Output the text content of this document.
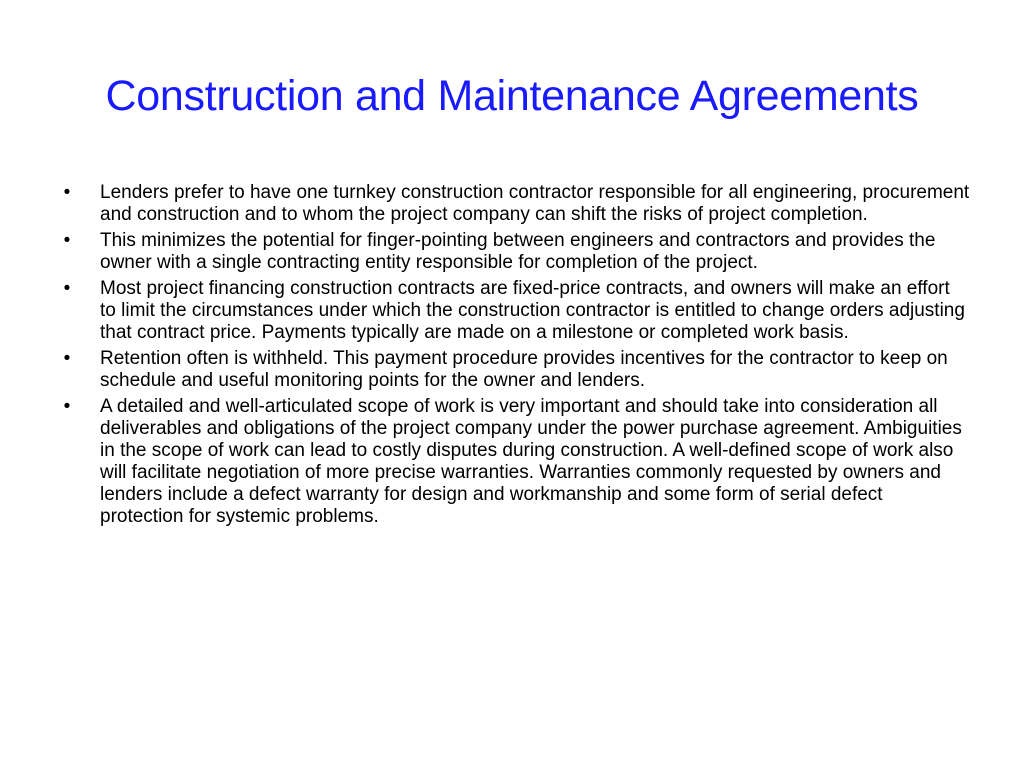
Construction and Maintenance Agreements
• Lenders prefer to have one turnkey construction contractor responsible for all engineering, procurement and construction and to whom the project company can shift the risks of project completion.
• This minimizes the potential for finger-pointing between engineers and contractors and provides the owner with a single contracting entity responsible for completion of the project.
• Most project financing construction contracts are fixed-price contracts, and owners will make an effort to limit the circumstances under which the construction contractor is entitled to change orders adjusting that contract price. Payments typically are made on a milestone or completed work basis.
• Retention often is withheld. This payment procedure provides incentives for the contractor to keep on schedule and useful monitoring points for the owner and lenders.
• A detailed and well-articulated scope of work is very important and should take into consideration all deliverables and obligations of the project company under the power purchase agreement. Ambiguities in the scope of work can lead to costly disputes during construction. A well-defined scope of work also will facilitate negotiation of more precise warranties. Warranties commonly requested by owners and lenders include a defect warranty for design and workmanship and some form of serial defect protection for systemic problems.
